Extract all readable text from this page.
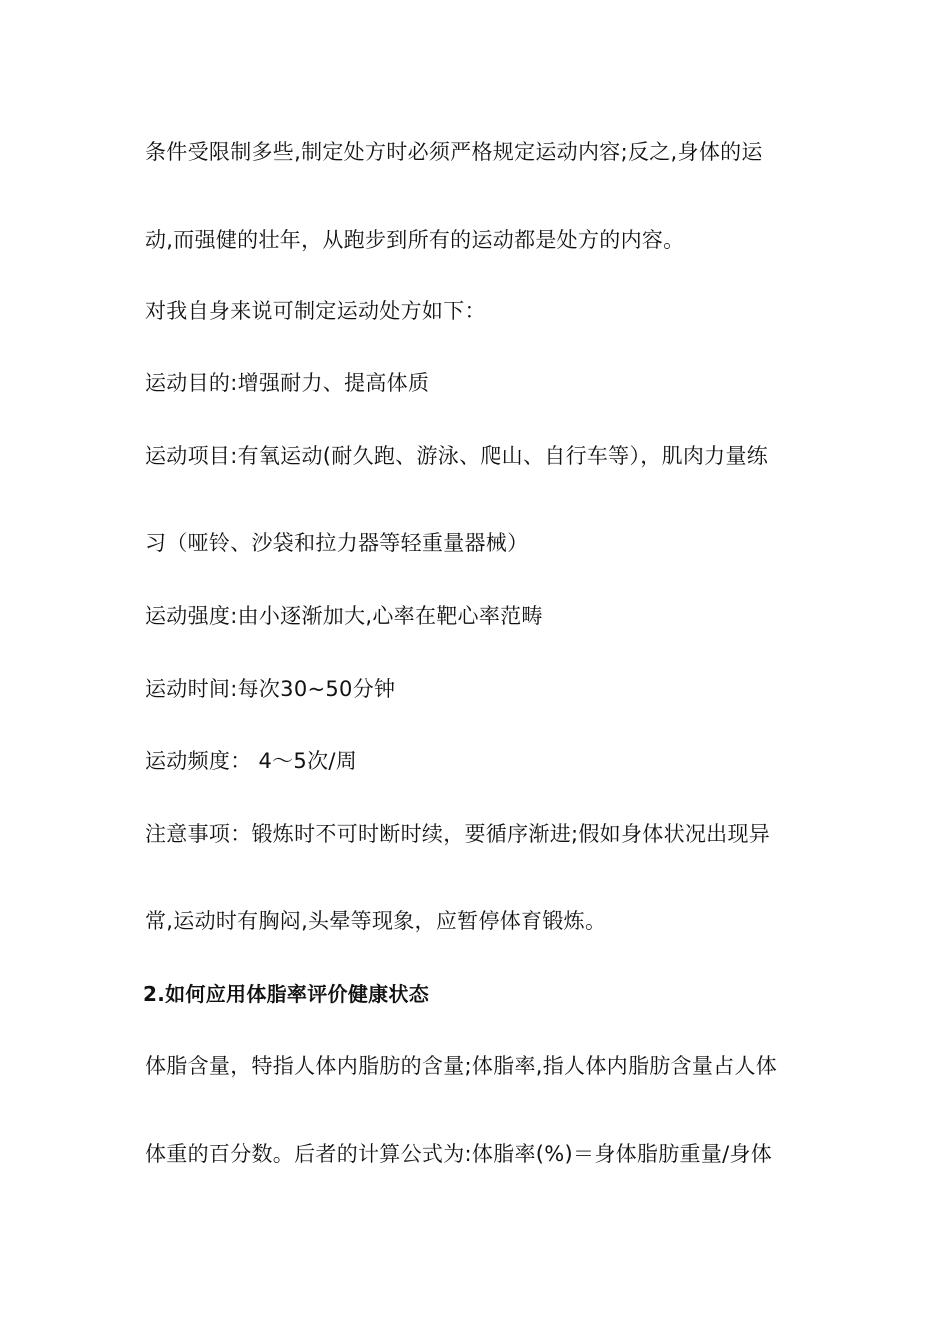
条件受限制多些,制定处方时必须严格规定运动内容;反之,身体的运
动,而强健的壮年，从跑步到所有的运动都是处方的内容。
对我自身来说可制定运动处方如下：
运动目的:增强耐力、提高体质
运动项目:有氧运动(耐久跑、游泳、爬山、自行车等），肌肉力量练
习（哑铃、沙袋和拉力器等轻重量器械）
运动强度:由小逐渐加大,心率在靶心率范畴
运动时间:每次30~50分钟
运动频度： 4～5次/周
注意事项：锻炼时不可时断时续，要循序渐进;假如身体状况出现异
常,运动时有胸闷,头晕等现象，应暂停体育锻炼。
2.如何应用体脂率评价健康状态
体脂含量，特指人体内脂肪的含量;体脂率,指人体内脂肪含量占人体
体重的百分数。后者的计算公式为:体脂率(%)＝身体脂肪重量/身体
